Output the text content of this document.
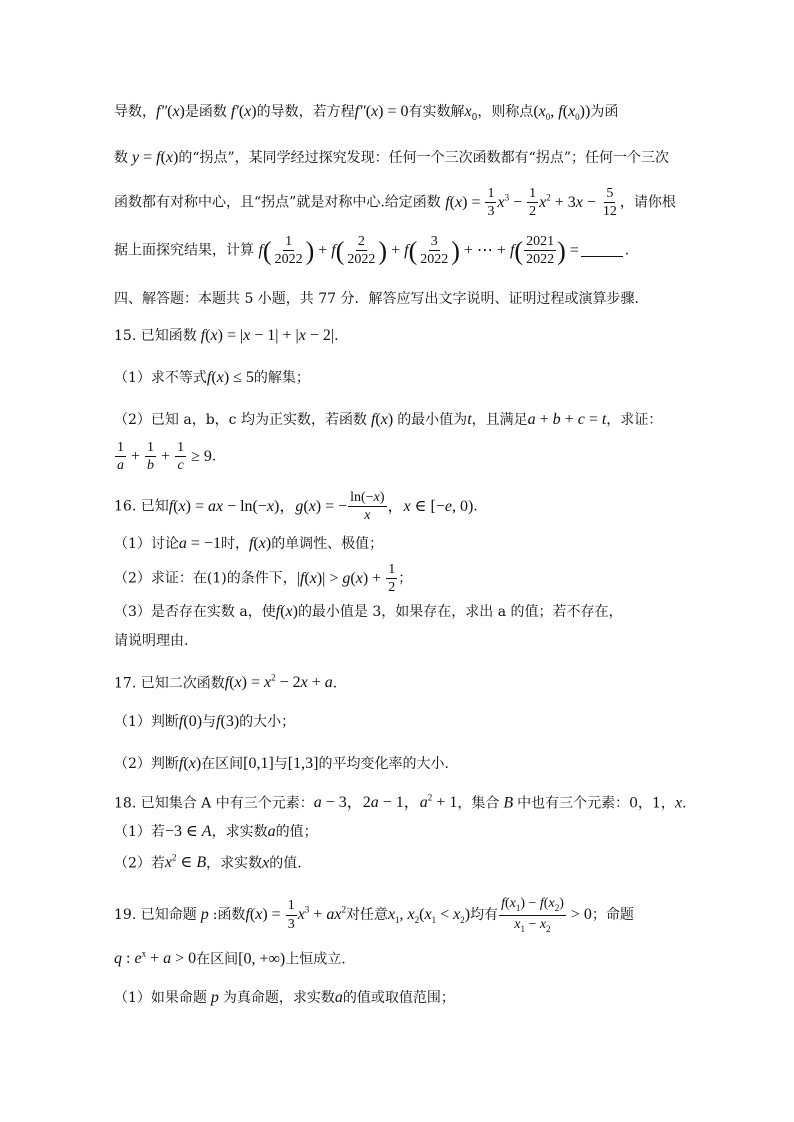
导数，f″(x)是函数 f′(x)的导数，若方程f″(x) = 0有实数解$x_0$，则称点($x_0$, $f(x_0)$)为函
数 y = f(x)的“拐点”，某同学经过探究发现：任何一个三次函数都有“拐点”；任何一个三次
函数都有对称中心，且“拐点”就是对称中心.给定函数 $f(x) = \frac{1}{3} x^3 - \frac{1}{2} x^2 + 3x - \frac{5}{12}$ ，请你根
据上面探究结果，计算 $f( \frac{1}{2022}$ ) + $f( \frac{2}{2022}$ ) + $f( \frac{3}{2022}$ ) + ⋯ + $f( \frac{2021}{2022}$ ) =	.
四、解答题：本题共 5 小题，共 77 分．解答应写出文字说明、证明过程或演算步骤．
15. 已知函数 f(x) = |x − 1| + |x − 2|.
（1）求不等式f(x) ≤ 5的解集；
（2）已知 a，b，c 均为正实数，若函数 f(x) 的最小值为t，且满足a + b + c = t，求证：
$\frac{1}{a} + \frac{1}{b} + \frac{1}{c} \ge 9$.
16. 已知f(x) = ax − ln(−x)，g(x) = − $\frac{\ln(-x)}{x}$ ，x ∈ [−e, 0).
（1）讨论a = −1时，f(x)的单调性、极值；
（2）求证：在(1)的条件下，$|f(x)| > g(x) + \frac{1}{2}$ ；
（3）是否存在实数 a，使f(x)的最小值是 3，如果存在，求出 a 的值；若不存在，
请说明理由.
17. 已知二次函数$f(x) = x^2 - 2x + a$.
（1）判断f(0)与f(3)的大小；
（2）判断f(x)在区间[0,1]与[1,3]的平均变化率的大小.
18. 已知集合 A 中有三个元素：a − 3，2a − 1，$a^2 + 1$，集合 B 中也有三个元素：0，1，x.
（1）若−3 ∈ A，求实数a的值；
（2）若$x^2$ ∈ B，求实数x的值.
19. 已知命题 p :函数$f(x) = \frac{1}{3} x^3 + ax^2$对任意$x_1$, $x_2(x_1 < x_2)$均有 $\frac{f(x_1) - f(x_2)}{x_1 - x_2} > 0$；命题
q : $e^x + a > 0$在区间[0, +∞)上恒成立.
（1）如果命题 p 为真命题，求实数a的值或取值范围；
